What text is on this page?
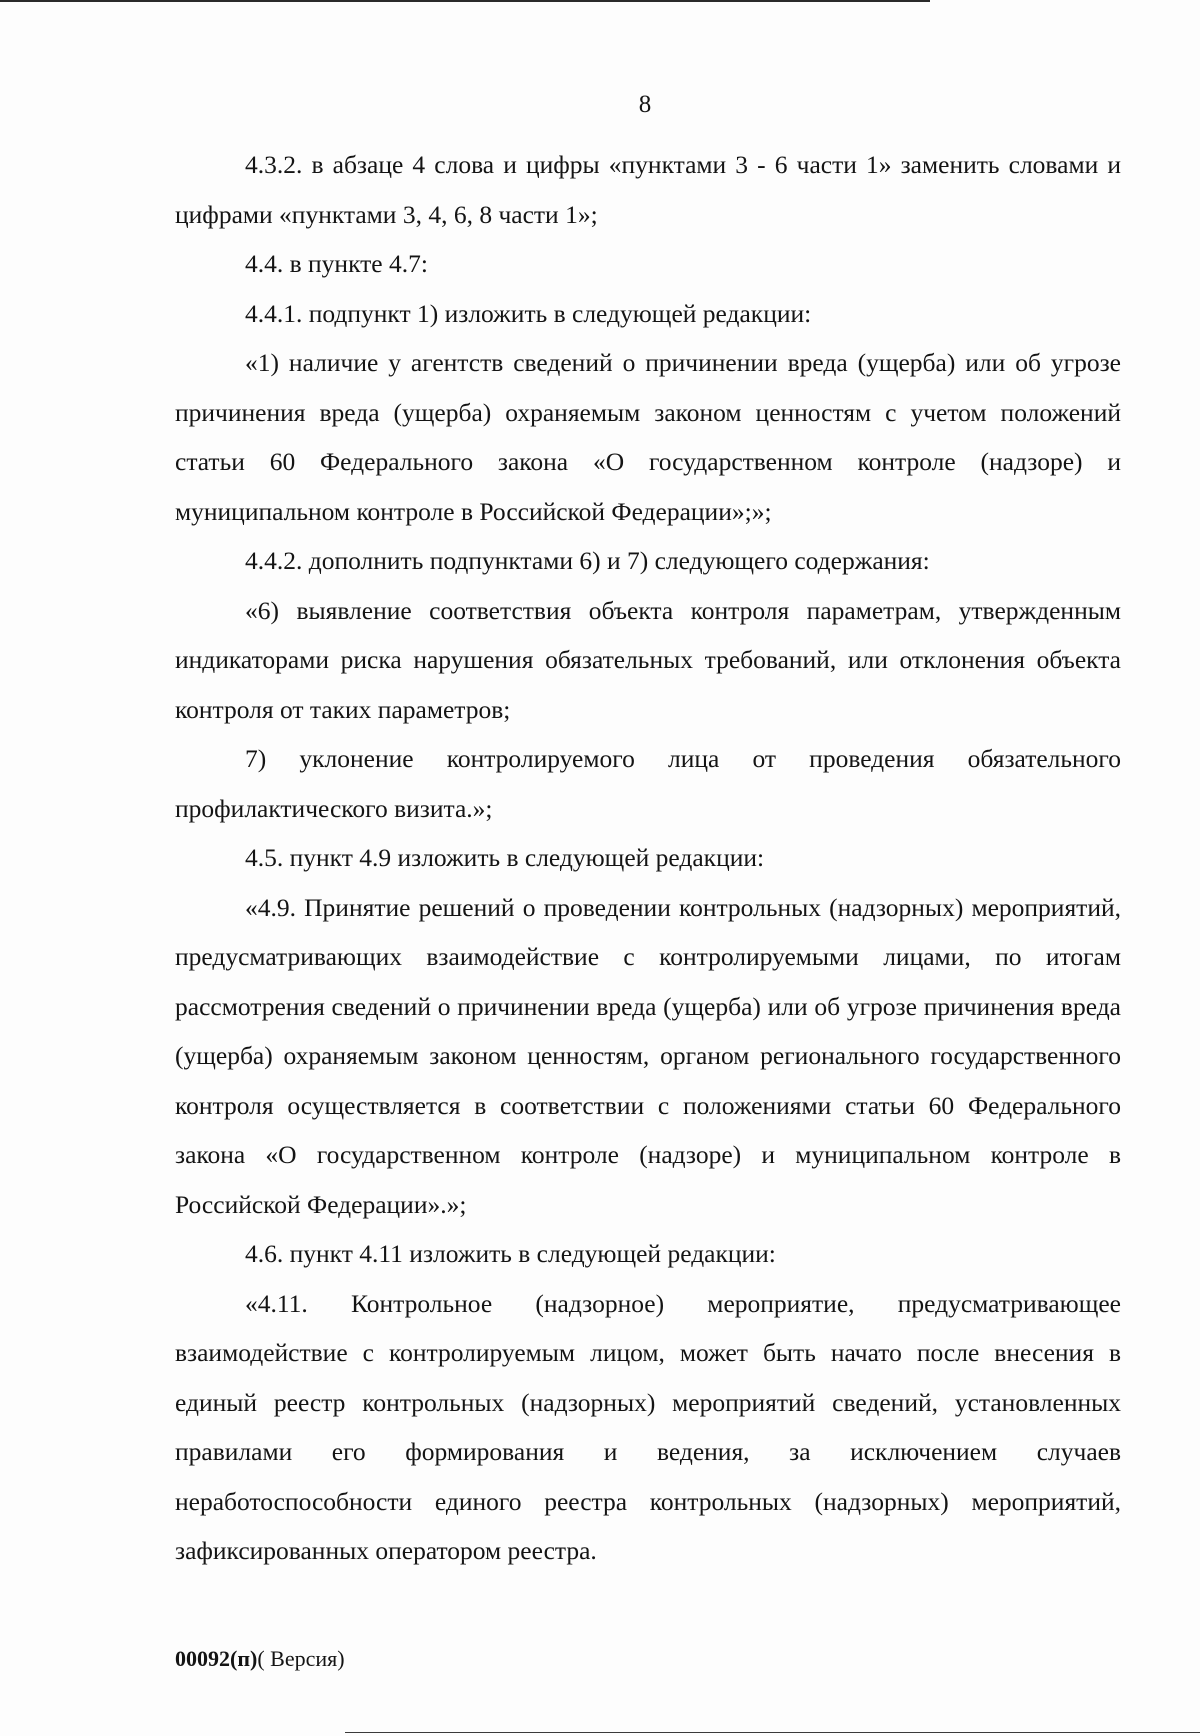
8

4.3.2. в абзаце 4 слова и цифры «пунктами 3 - 6 части 1» заменить словами и цифрами «пунктами 3, 4, 6, 8 части 1»;

4.4. в пункте 4.7:

4.4.1. подпункт 1) изложить в следующей редакции:

«1) наличие у агентств сведений о причинении вреда (ущерба) или об угрозе причинения вреда (ущерба) охраняемым законом ценностям с учетом положений статьи 60 Федерального закона «О государственном контроле (надзоре) и муниципальном контроле в Российской Федерации»;»;

4.4.2. дополнить подпунктами 6) и 7) следующего содержания:

«6) выявление соответствия объекта контроля параметрам, утвержденным индикаторами риска нарушения обязательных требований, или отклонения объекта контроля от таких параметров;

7) уклонение контролируемого лица от проведения обязательного профилактического визита.»;

4.5. пункт 4.9 изложить в следующей редакции:

«4.9. Принятие решений о проведении контрольных (надзорных) мероприятий, предусматривающих взаимодействие с контролируемыми лицами, по итогам рассмотрения сведений о причинении вреда (ущерба) или об угрозе причинения вреда (ущерба) охраняемым законом ценностям, органом регионального государственного контроля осуществляется в соответствии с положениями статьи 60 Федерального закона «О государственном контроле (надзоре) и муниципальном контроле в Российской Федерации».»;

4.6. пункт 4.11 изложить в следующей редакции:

«4.11. Контрольное (надзорное) мероприятие, предусматривающее взаимодействие с контролируемым лицом, может быть начато после внесения в единый реестр контрольных (надзорных) мероприятий сведений, установленных правилами его формирования и ведения, за исключением случаев неработоспособности единого реестра контрольных (надзорных) мероприятий, зафиксированных оператором реестра.

00092(п)( Версия)
